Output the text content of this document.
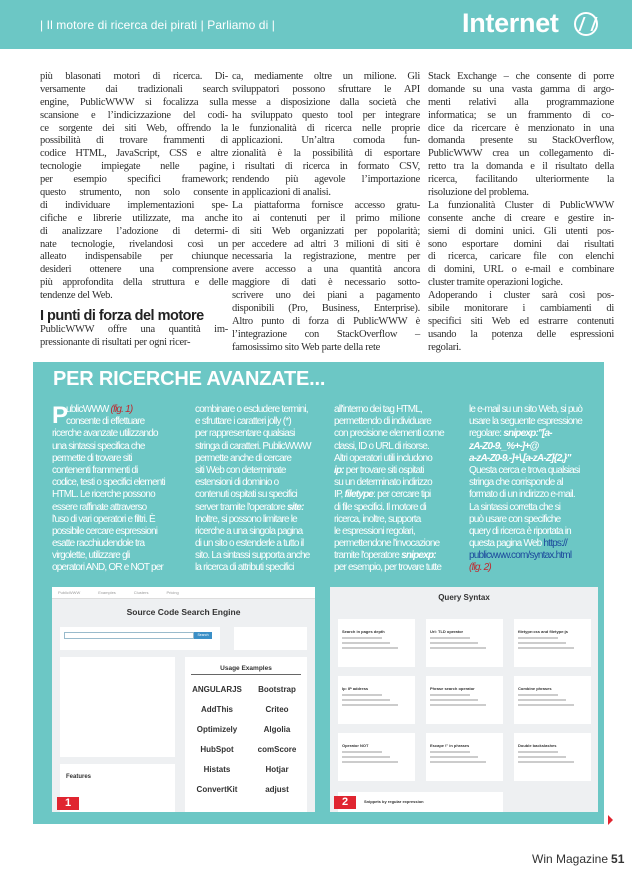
| Il motore di ricerca dei pirati | Parliamo di |	Internet
più blasonati motori di ricerca. Di-
versamente dai tradizionali search
engine, PublicWWW si focalizza sulla
scansione e l’indicizzazione del codi-
ce sorgente dei siti Web, offrendo la
possibilità di trovare frammenti di
codice HTML, JavaScript, CSS e altre
tecnologie impiegate nelle pagine,
per esempio specifici framework;
questo strumento, non solo consente
di individuare implementazioni spe-
cifiche e librerie utilizzate, ma anche
di analizzare l’adozione di determi-
nate tecnologie, rivelandosi così un
alleato indispensabile per chiunque
desideri ottenere una comprensione
più approfondita della struttura e delle
tendenze del Web.
I punti di forza del motore
PublicWWW offre una quantità im-
pressionante di risultati per ogni ricer-
ca, mediamente oltre un milione. Gli
sviluppatori possono sfruttare le API
messe a disposizione dalla società che
ha sviluppato questo tool per integrare
le funzionalità di ricerca nelle proprie
applicazioni. Un’altra comoda fun-
zionalità è la possibilità di esportare
i risultati di ricerca in formato CSV,
rendendo più agevole l’importazione
in applicazioni di analisi.
La piattaforma fornisce accesso gratu-
ito ai contenuti per il primo milione
di siti Web organizzati per popolarità;
per accedere ad altri 3 milioni di siti è
necessaria la registrazione, mentre per
avere accesso a una quantità ancora
maggiore di dati è necessario sotto-
scrivere uno dei piani a pagamento
disponibili (Pro, Business, Enterprise).
Altro punto di forza di PublicWWW è
l’integrazione con StackOverflow –
famosissimo sito Web parte della rete
Stack Exchange – che consente di porre
domande su una vasta gamma di argo-
menti relativi alla programmazione
informatica; se un frammento di co-
dice da ricercare è menzionato in una
domanda presente su StackOverflow,
PublicWWW crea un collegamento di-
retto tra la domanda e il risultato della
ricerca, facilitando ulteriormente la
risoluzione del problema.
La funzionalità Cluster di PublicWWW
consente anche di creare e gestire in-
siemi di domini unici. Gli utenti pos-
sono esportare domini dai risultati
di ricerca, caricare file con elenchi
di domini, URL o e-mail e combinare
cluster tramite operazioni logiche.
Adoperando i cluster sarà così pos-
sibile monitorare i cambiamenti di
specifici siti Web ed estrarre contenuti
usando la potenza delle espressioni
regolari.
PER RICERCHE AVANZATE...
P
ublicWWW (fig. 1)
consente di effettuare
ricerche avanzate utilizzando
una sintassi specifica che
permette di trovare siti
contenenti frammenti di
codice, testi o specifici elementi
HTML. Le ricerche possono
essere raffinate attraverso
l'uso di vari operatori e filtri. È
possibile cercare espressioni
esatte racchiudendole tra
virgolette, utilizzare gli
operatori AND, OR e NOT per
combinare o escludere termini,
e sfruttare i caratteri jolly (*)
per rappresentare qualsiasi
stringa di caratteri. PublicWWW
permette anche di cercare
siti Web con determinate
estensioni di dominio o
contenuti ospitati su specifici
server tramite l'operatore site:
Inoltre, si possono limitare le
ricerche a una singola pagina
di un sito o estenderle a tutto il
sito. La sintassi supporta anche
la ricerca di attributi specifici
all'interno dei tag HTML,
permettendo di individuare
con precisione elementi come
classi, ID o URL di risorse.
Altri operatori utili includono
ip: per trovare siti ospitati
su un determinato indirizzo
IP, filetype: per cercare tipi
di file specifici. Il motore di
ricerca, inoltre, supporta
le espressioni regolari,
permettendone l'invocazione
tramite l'operatore snipexp:
per esempio, per trovare tutte
le e-mail su un sito Web, si può
usare la seguente espressione
regolare: snipexp:"[a-
zA-Z0-9._%+-]+@
a-zA-Z0-9.-]+\.[a-zA-Z]{2,}"
Questa cerca e trova qualsiasi
stringa che corrisponde al
formato di un indirizzo e-mail.
La sintassi corretta che si
può usare con specifiche
query di ricerca è riportata in
questa pagina Web https://
publicwww.com/syntax.html
(fig. 2)
PublicWWW	Examples	Clusters	Pricing
Source Code Search Engine
Search
Features
Usage Examples
ANGULARJS	Bootstrap
AddThis	Criteo
Optimizely	Algolia
HubSpot	comScore
Histats	Hotjar
ConvertKit	adjust
1
Query Syntax
Search in pages depth	Url: TLD operator	filetype:css and filetype:js
Ip: IP address	Phrase search operator	Combine phrases
Operator NOT	Escape \" in phrases	Double backslashes
Snippets by regular expression
2
Win Magazine 51
